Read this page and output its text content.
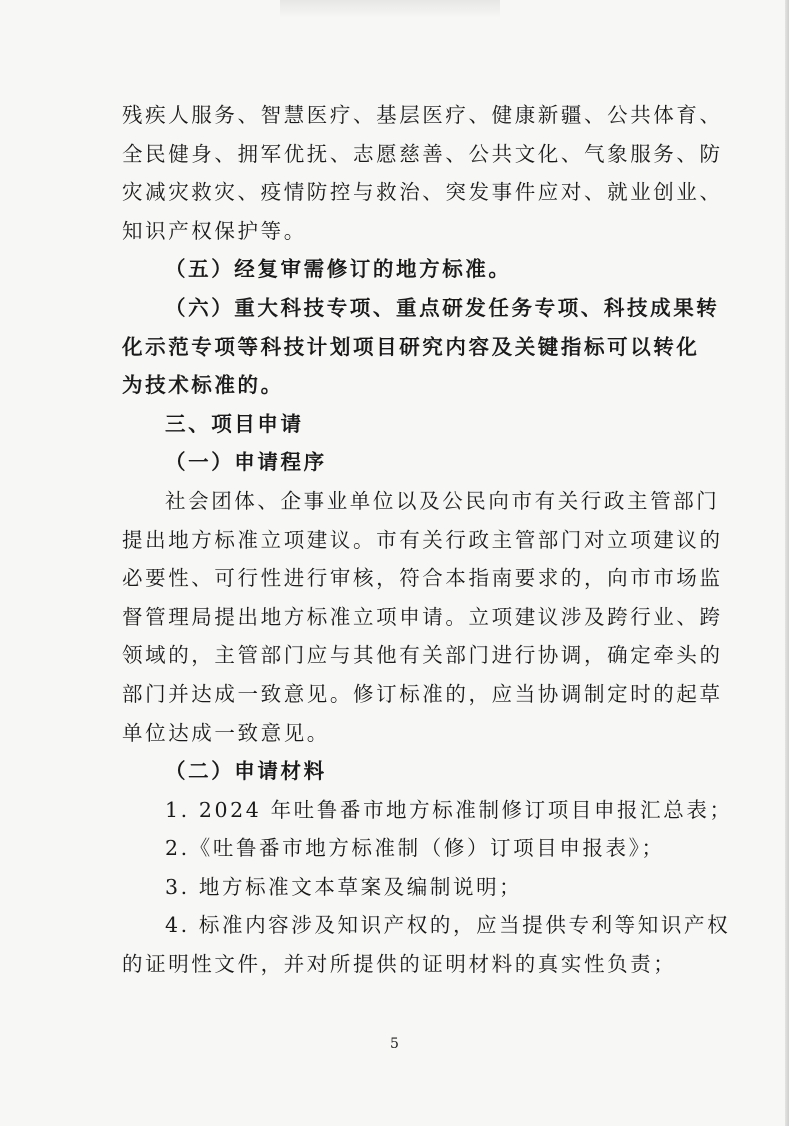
残疾人服务、智慧医疗、基层医疗、健康新疆、公共体育、
全民健身、拥军优抚、志愿慈善、公共文化、气象服务、防
灾减灾救灾、疫情防控与救治、突发事件应对、就业创业、
知识产权保护等。
（五）经复审需修订的地方标准。
（六）重大科技专项、重点研发任务专项、科技成果转
化示范专项等科技计划项目研究内容及关键指标可以转化
为技术标准的。
三、项目申请
（一）申请程序
社会团体、企事业单位以及公民向市有关行政主管部门
提出地方标准立项建议。市有关行政主管部门对立项建议的
必要性、可行性进行审核，符合本指南要求的，向市市场监
督管理局提出地方标准立项申请。立项建议涉及跨行业、跨
领域的，主管部门应与其他有关部门进行协调，确定牵头的
部门并达成一致意见。修订标准的，应当协调制定时的起草
单位达成一致意见。
（二）申请材料
1. 2024 年吐鲁番市地方标准制修订项目申报汇总表；
2.《吐鲁番市地方标准制（修）订项目申报表》；
3. 地方标准文本草案及编制说明；
4. 标准内容涉及知识产权的，应当提供专利等知识产权
的证明性文件，并对所提供的证明材料的真实性负责；
5
